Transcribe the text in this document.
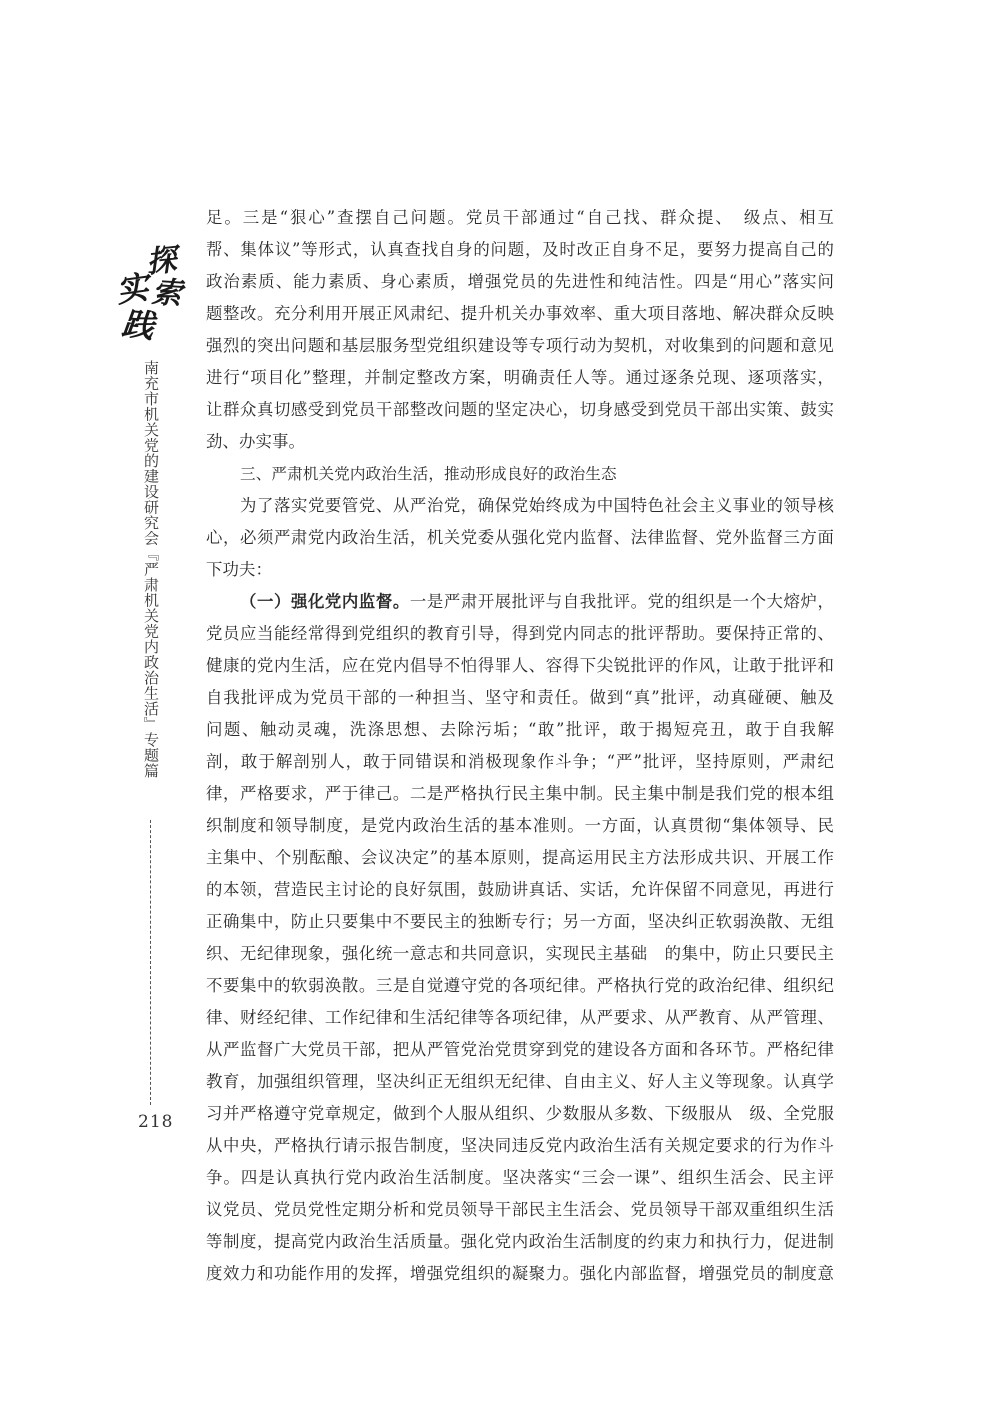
探
索
实
践
南充市机关党的建设研究会『严肃机关党内政治生活』专题篇
218
足。三是“狠心”查摆自己问题。党员干部通过“自己找、群众提、　级点、相互
帮、集体议”等形式，认真查找自身的问题，及时改正自身不足，要努力提高自己的
政治素质、能力素质、身心素质，增强党员的先进性和纯洁性。四是“用心”落实问
题整改。充分利用开展正风肃纪、提升机关办事效率、重大项目落地、解决群众反映
强烈的突出问题和基层服务型党组织建设等专项行动为契机，对收集到的问题和意见
进行“项目化”整理，并制定整改方案，明确责任人等。通过逐条兑现、逐项落实，
让群众真切感受到党员干部整改问题的坚定决心，切身感受到党员干部出实策、鼓实
劲、办实事。
三、严肃机关党内政治生活，推动形成良好的政治生态
为了落实党要管党、从严治党，确保党始终成为中国特色社会主义事业的领导核
心，必须严肃党内政治生活，机关党委从强化党内监督、法律监督、党外监督三方面
下功夫：
（一）强化党内监督。一是严肃开展批评与自我批评。党的组织是一个大熔炉，
党员应当能经常得到党组织的教育引导，得到党内同志的批评帮助。要保持正常的、
健康的党内生活，应在党内倡导不怕得罪人、容得下尖锐批评的作风，让敢于批评和
自我批评成为党员干部的一种担当、坚守和责任。做到“真”批评，动真碰硬、触及
问题、触动灵魂，洗涤思想、去除污垢；“敢”批评，敢于揭短亮丑，敢于自我解
剖，敢于解剖别人，敢于同错误和消极现象作斗争；“严”批评，坚持原则，严肃纪
律，严格要求，严于律己。二是严格执行民主集中制。民主集中制是我们党的根本组
织制度和领导制度，是党内政治生活的基本准则。一方面，认真贯彻“集体领导、民
主集中、个别酝酿、会议决定”的基本原则，提高运用民主方法形成共识、开展工作
的本领，营造民主讨论的良好氛围，鼓励讲真话、实话，允许保留不同意见，再进行
正确集中，防止只要集中不要民主的独断专行；另一方面，坚决纠正软弱涣散、无组
织、无纪律现象，强化统一意志和共同意识，实现民主基础　的集中，防止只要民主
不要集中的软弱涣散。三是自觉遵守党的各项纪律。严格执行党的政治纪律、组织纪
律、财经纪律、工作纪律和生活纪律等各项纪律，从严要求、从严教育、从严管理、
从严监督广大党员干部，把从严管党治党贯穿到党的建设各方面和各环节。严格纪律
教育，加强组织管理，坚决纠正无组织无纪律、自由主义、好人主义等现象。认真学
习并严格遵守党章规定，做到个人服从组织、少数服从多数、下级服从　级、全党服
从中央，严格执行请示报告制度，坚决同违反党内政治生活有关规定要求的行为作斗
争。四是认真执行党内政治生活制度。坚决落实“三会一课”、组织生活会、民主评
议党员、党员党性定期分析和党员领导干部民主生活会、党员领导干部双重组织生活
等制度，提高党内政治生活质量。强化党内政治生活制度的约束力和执行力，促进制
度效力和功能作用的发挥，增强党组织的凝聚力。强化内部监督，增强党员的制度意
